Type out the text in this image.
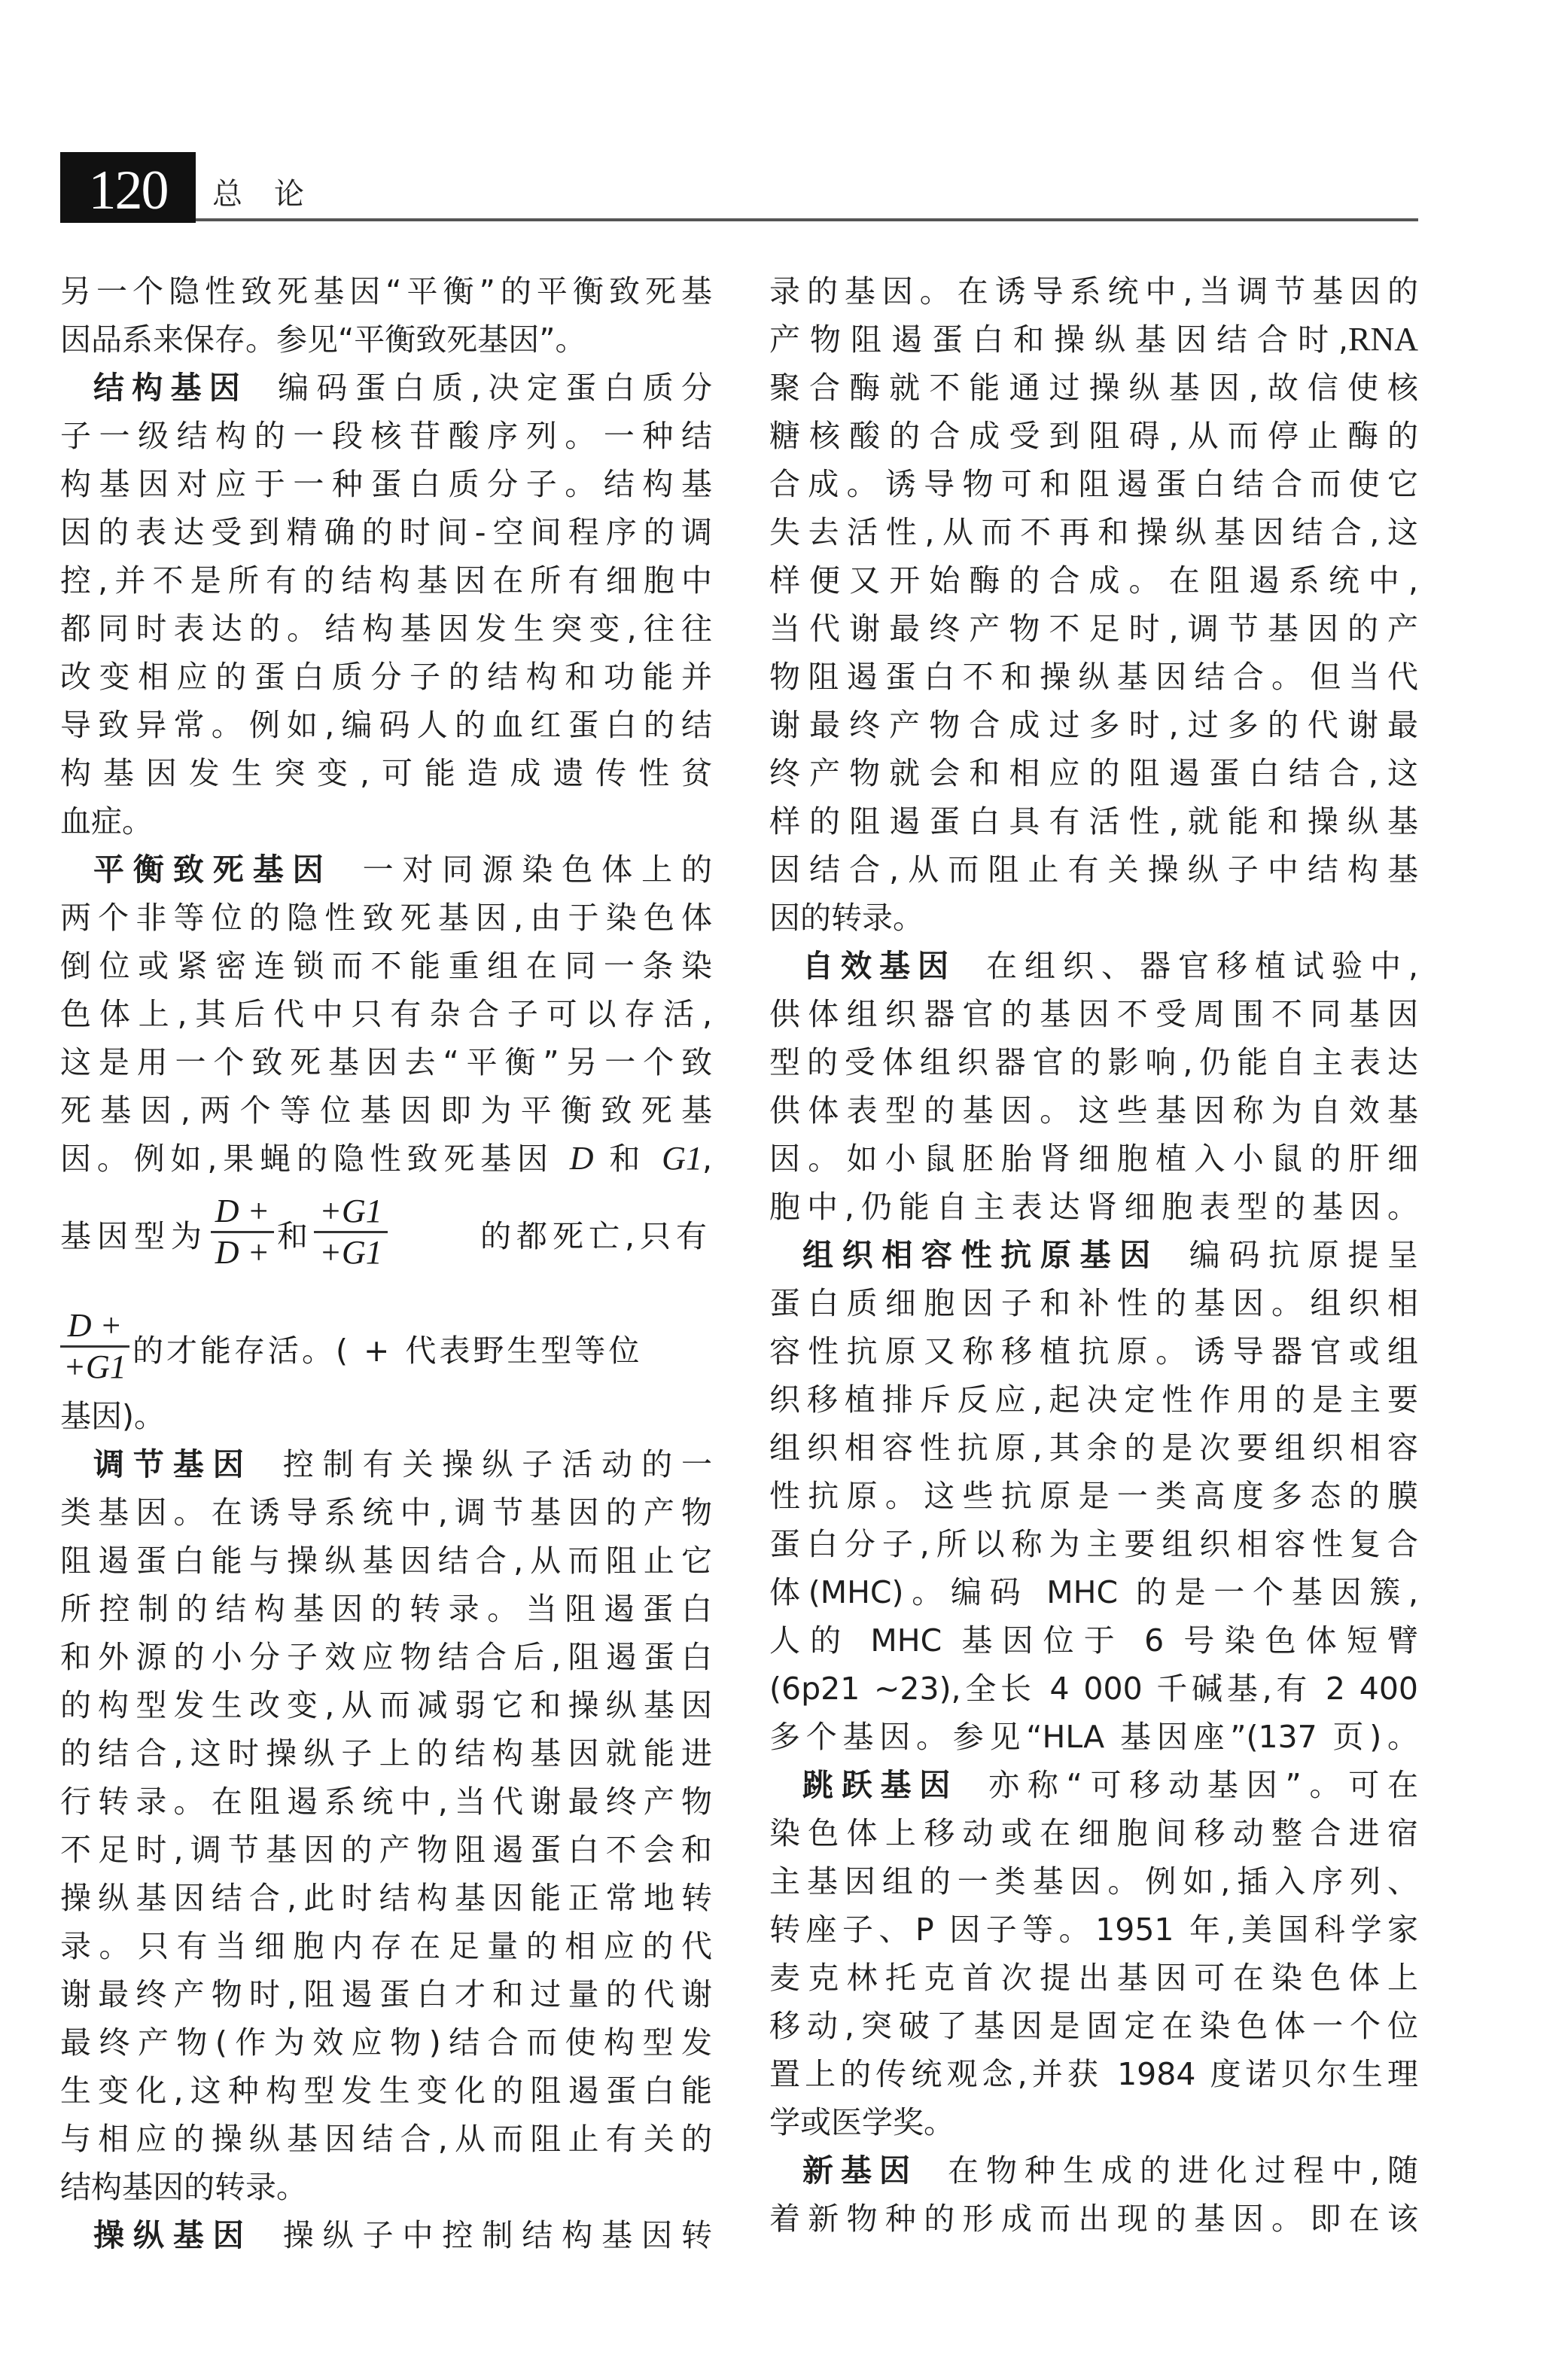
120 总 论
另一个隐性致死基因“平衡”的平衡致死基
因品系来保存。参见“平衡致死基因”。
结构基因 编码蛋白质,决定蛋白质分
子一级结构的一段核苷酸序列。一种结
构基因对应于一种蛋白质分子。结构基
因的表达受到精确的时间-空间程序的调
控,并不是所有的结构基因在所有细胞中
都同时表达的。结构基因发生突变,往往
改变相应的蛋白质分子的结构和功能并
导致异常。例如,编码人的血红蛋白的结
构基因发生突变,可能造成遗传性贫
血症。
平衡致死基因 一对同源染色体上的
两个非等位的隐性致死基因,由于染色体
倒位或紧密连锁而不能重组在同一条染
色体上,其后代中只有杂合子可以存活,
这是用一个致死基因去“平衡”另一个致
死基因,两个等位基因即为平衡致死基
因。例如,果蝇的隐性致死基因 D 和 G1,
基因型为 $\frac{D +}{D +}$ 和 $\frac{+G1}{+G1}$	的都死亡,只有
$\frac{D +}{+G1}$ 的才能存活。( + 代表野生型等位
基因)。
调节基因 控制有关操纵子活动的一
类基因。在诱导系统中,调节基因的产物
阻遏蛋白能与操纵基因结合,从而阻止它
所控制的结构基因的转录。当阻遏蛋白
和外源的小分子效应物结合后,阻遏蛋白
的构型发生改变,从而减弱它和操纵基因
的结合,这时操纵子上的结构基因就能进
行转录。在阻遏系统中,当代谢最终产物
不足时,调节基因的产物阻遏蛋白不会和
操纵基因结合,此时结构基因能正常地转
录。只有当细胞内存在足量的相应的代
谢最终产物时,阻遏蛋白才和过量的代谢
最终产物(作为效应物)结合而使构型发
生变化,这种构型发生变化的阻遏蛋白能
与相应的操纵基因结合,从而阻止有关的
结构基因的转录。
操纵基因 操纵子中控制结构基因转
录的基因。在诱导系统中,当调节基因的
产物阻遏蛋白和操纵基因结合时,RNA
聚合酶就不能通过操纵基因,故信使核
糖核酸的合成受到阻碍,从而停止酶的
合成。诱导物可和阻遏蛋白结合而使它
失去活性,从而不再和操纵基因结合,这
样便又开始酶的合成。在阻遏系统中,
当代谢最终产物不足时,调节基因的产
物阻遏蛋白不和操纵基因结合。但当代
谢最终产物合成过多时,过多的代谢最
终产物就会和相应的阻遏蛋白结合,这
样的阻遏蛋白具有活性,就能和操纵基
因结合,从而阻止有关操纵子中结构基
因的转录。
自效基因 在组织、器官移植试验中,
供体组织器官的基因不受周围不同基因
型的受体组织器官的影响,仍能自主表达
供体表型的基因。这些基因称为自效基
因。如小鼠胚胎肾细胞植入小鼠的肝细
胞中,仍能自主表达肾细胞表型的基因。
组织相容性抗原基因 编码抗原提呈
蛋白质细胞因子和补性的基因。组织相
容性抗原又称移植抗原。诱导器官或组
织移植排斥反应,起决定性作用的是主要
组织相容性抗原,其余的是次要组织相容
性抗原。这些抗原是一类高度多态的膜
蛋白分子,所以称为主要组织相容性复合
体(MHC)。编码 MHC 的是一个基因簇,
人的 MHC 基因位于 6 号染色体短臂
(6p21 ~23),全长 4 000 千碱基,有 2 400
多个基因。参见“HLA 基因座”(137 页)。
跳跃基因 亦称“可移动基因”。可在
染色体上移动或在细胞间移动整合进宿
主基因组的一类基因。例如,插入序列、
转座子、P 因子等。1951 年,美国科学家
麦克林托克首次提出基因可在染色体上
移动,突破了基因是固定在染色体一个位
置上的传统观念,并获 1984 度诺贝尔生理
学或医学奖。
新基因 在物种生成的进化过程中,随
着新物种的形成而出现的基因。即在该
